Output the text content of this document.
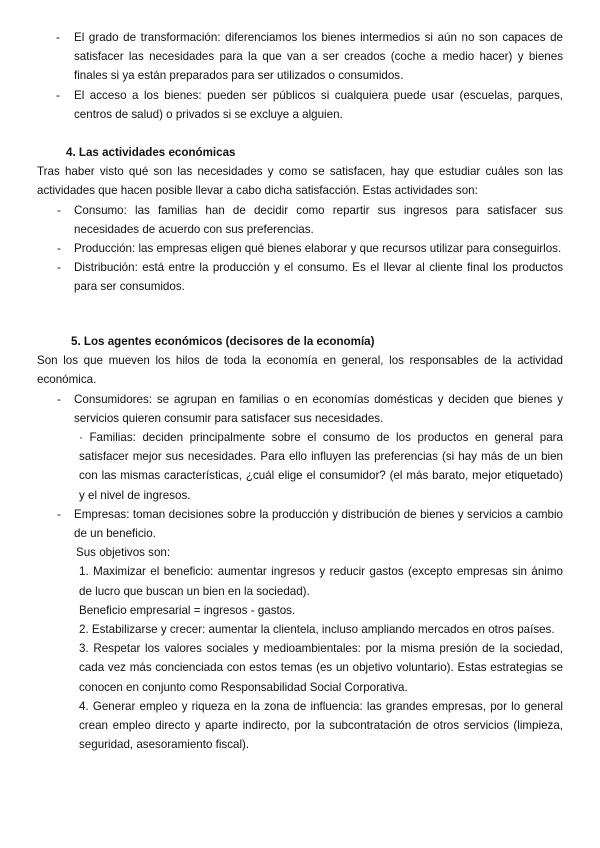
- El grado de transformación: diferenciamos los bienes intermedios si aún no son capaces de satisfacer las necesidades para la que van a ser creados (coche a medio hacer) y bienes finales si ya están preparados para ser utilizados o consumidos.

- El acceso a los bienes: pueden ser públicos si cualquiera puede usar (escuelas, parques, centros de salud) o privados si se excluye a alguien.

4. Las actividades económicas

Tras haber visto qué son las necesidades y como se satisfacen, hay que estudiar cuáles son las actividades que hacen posible llevar a cabo dicha satisfacción. Estas actividades son:

- Consumo: las familias han de decidir como repartir sus ingresos para satisfacer sus necesidades de acuerdo con sus preferencias.

- Producción: las empresas eligen qué bienes elaborar y que recursos utilizar para conseguirlos.

- Distribución: está entre la producción y el consumo. Es el llevar al cliente final los productos para ser consumidos.

5. Los agentes económicos (decisores de la economía)

Son los que mueven los hilos de toda la economía en general, los responsables de la actividad económica.

- Consumidores: se agrupan en familias o en economías domésticas y deciden que bienes y servicios quieren consumir para satisfacer sus necesidades.

· Familias: deciden principalmente sobre el consumo de los productos en general para satisfacer mejor sus necesidades. Para ello influyen las preferencias (si hay más de un bien con las mismas características, ¿cuál elige el consumidor? (el más barato, mejor etiquetado) y el nivel de ingresos.

- Empresas: toman decisiones sobre la producción y distribución de bienes y servicios a cambio de un beneficio.

Sus objetivos son:

1. Maximizar el beneficio: aumentar ingresos y reducir gastos (excepto empresas sin ánimo de lucro que buscan un bien en la sociedad).

Beneficio empresarial = ingresos - gastos.

2. Estabilizarse y crecer: aumentar la clientela, incluso ampliando mercados en otros países.

3. Respetar los valores sociales y medioambientales: por la misma presión de la sociedad, cada vez más concienciada con estos temas (es un objetivo voluntario). Estas estrategias se conocen en conjunto como Responsabilidad Social Corporativa.

4. Generar empleo y riqueza en la zona de influencia: las grandes empresas, por lo general crean empleo directo y aparte indirecto, por la subcontratación de otros servicios (limpieza, seguridad, asesoramiento fiscal).
